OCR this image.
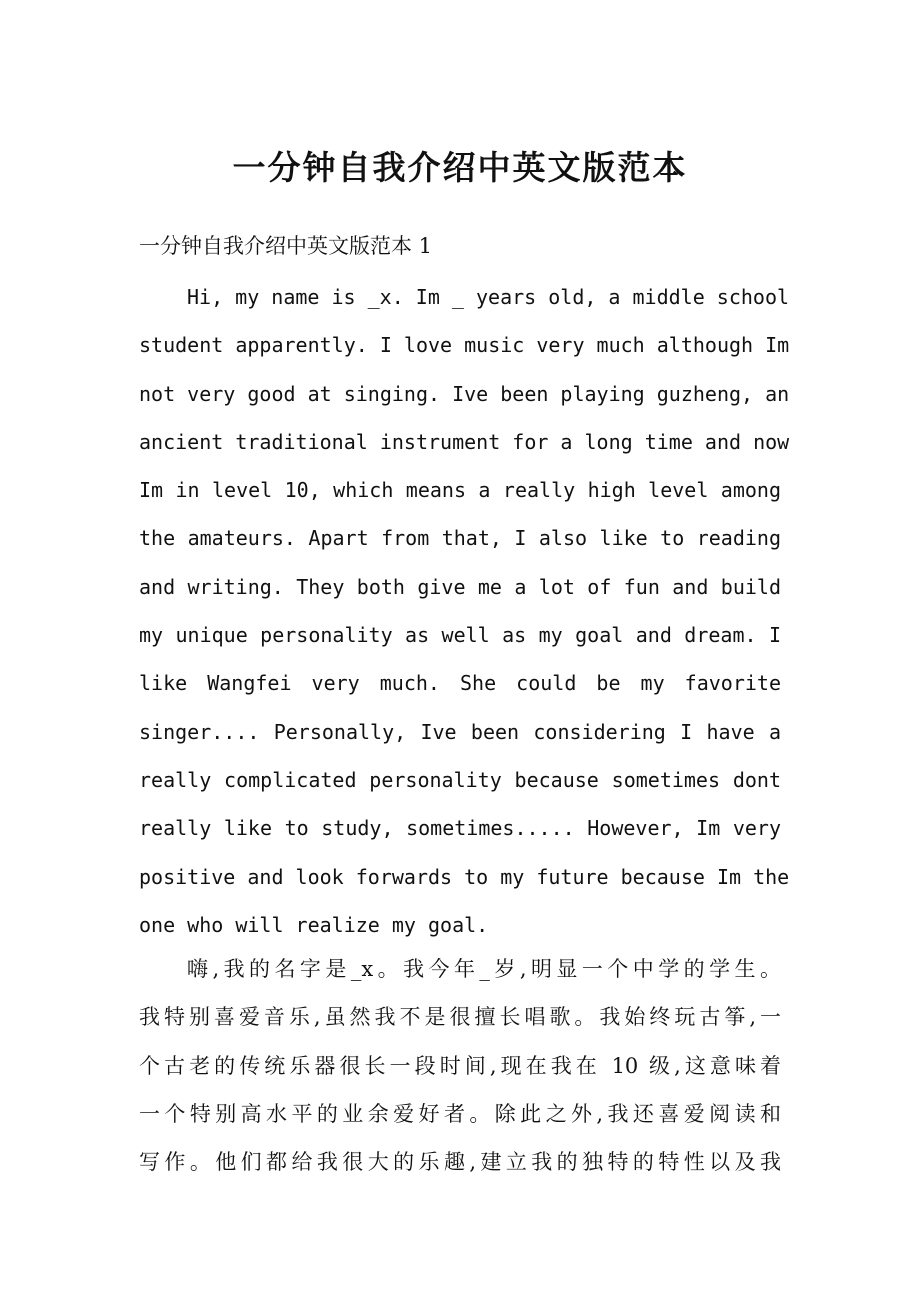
一分钟自我介绍中英文版范本

一分钟自我介绍中英文版范本 1

Hi, my name is _x. Im _ years old, a middle school
student apparently. I love music very much although Im
not very good at singing. Ive been playing guzheng, an
ancient traditional instrument for a long time and now
Im in level 10, which means a really high level among
the amateurs. Apart from that, I also like to reading
and writing. They both give me a lot of fun and build
my unique personality as well as my goal and dream. I
like Wangfei very much. She could be my favorite
singer.... Personally, Ive been considering I have a
really complicated personality because sometimes dont
really like to study, sometimes..... However, Im very
positive and look forwards to my future because Im the
one who will realize my goal.
嗨,我的名字是_x。我今年_岁,明显一个中学的学生。
我特别喜爱音乐,虽然我不是很擅长唱歌。我始终玩古筝,一
个古老的传统乐器很长一段时间,现在我在 10 级,这意味着
一个特别高水平的业余爱好者。除此之外,我还喜爱阅读和
写作。他们都给我很大的乐趣,建立我的独特的特性以及我
